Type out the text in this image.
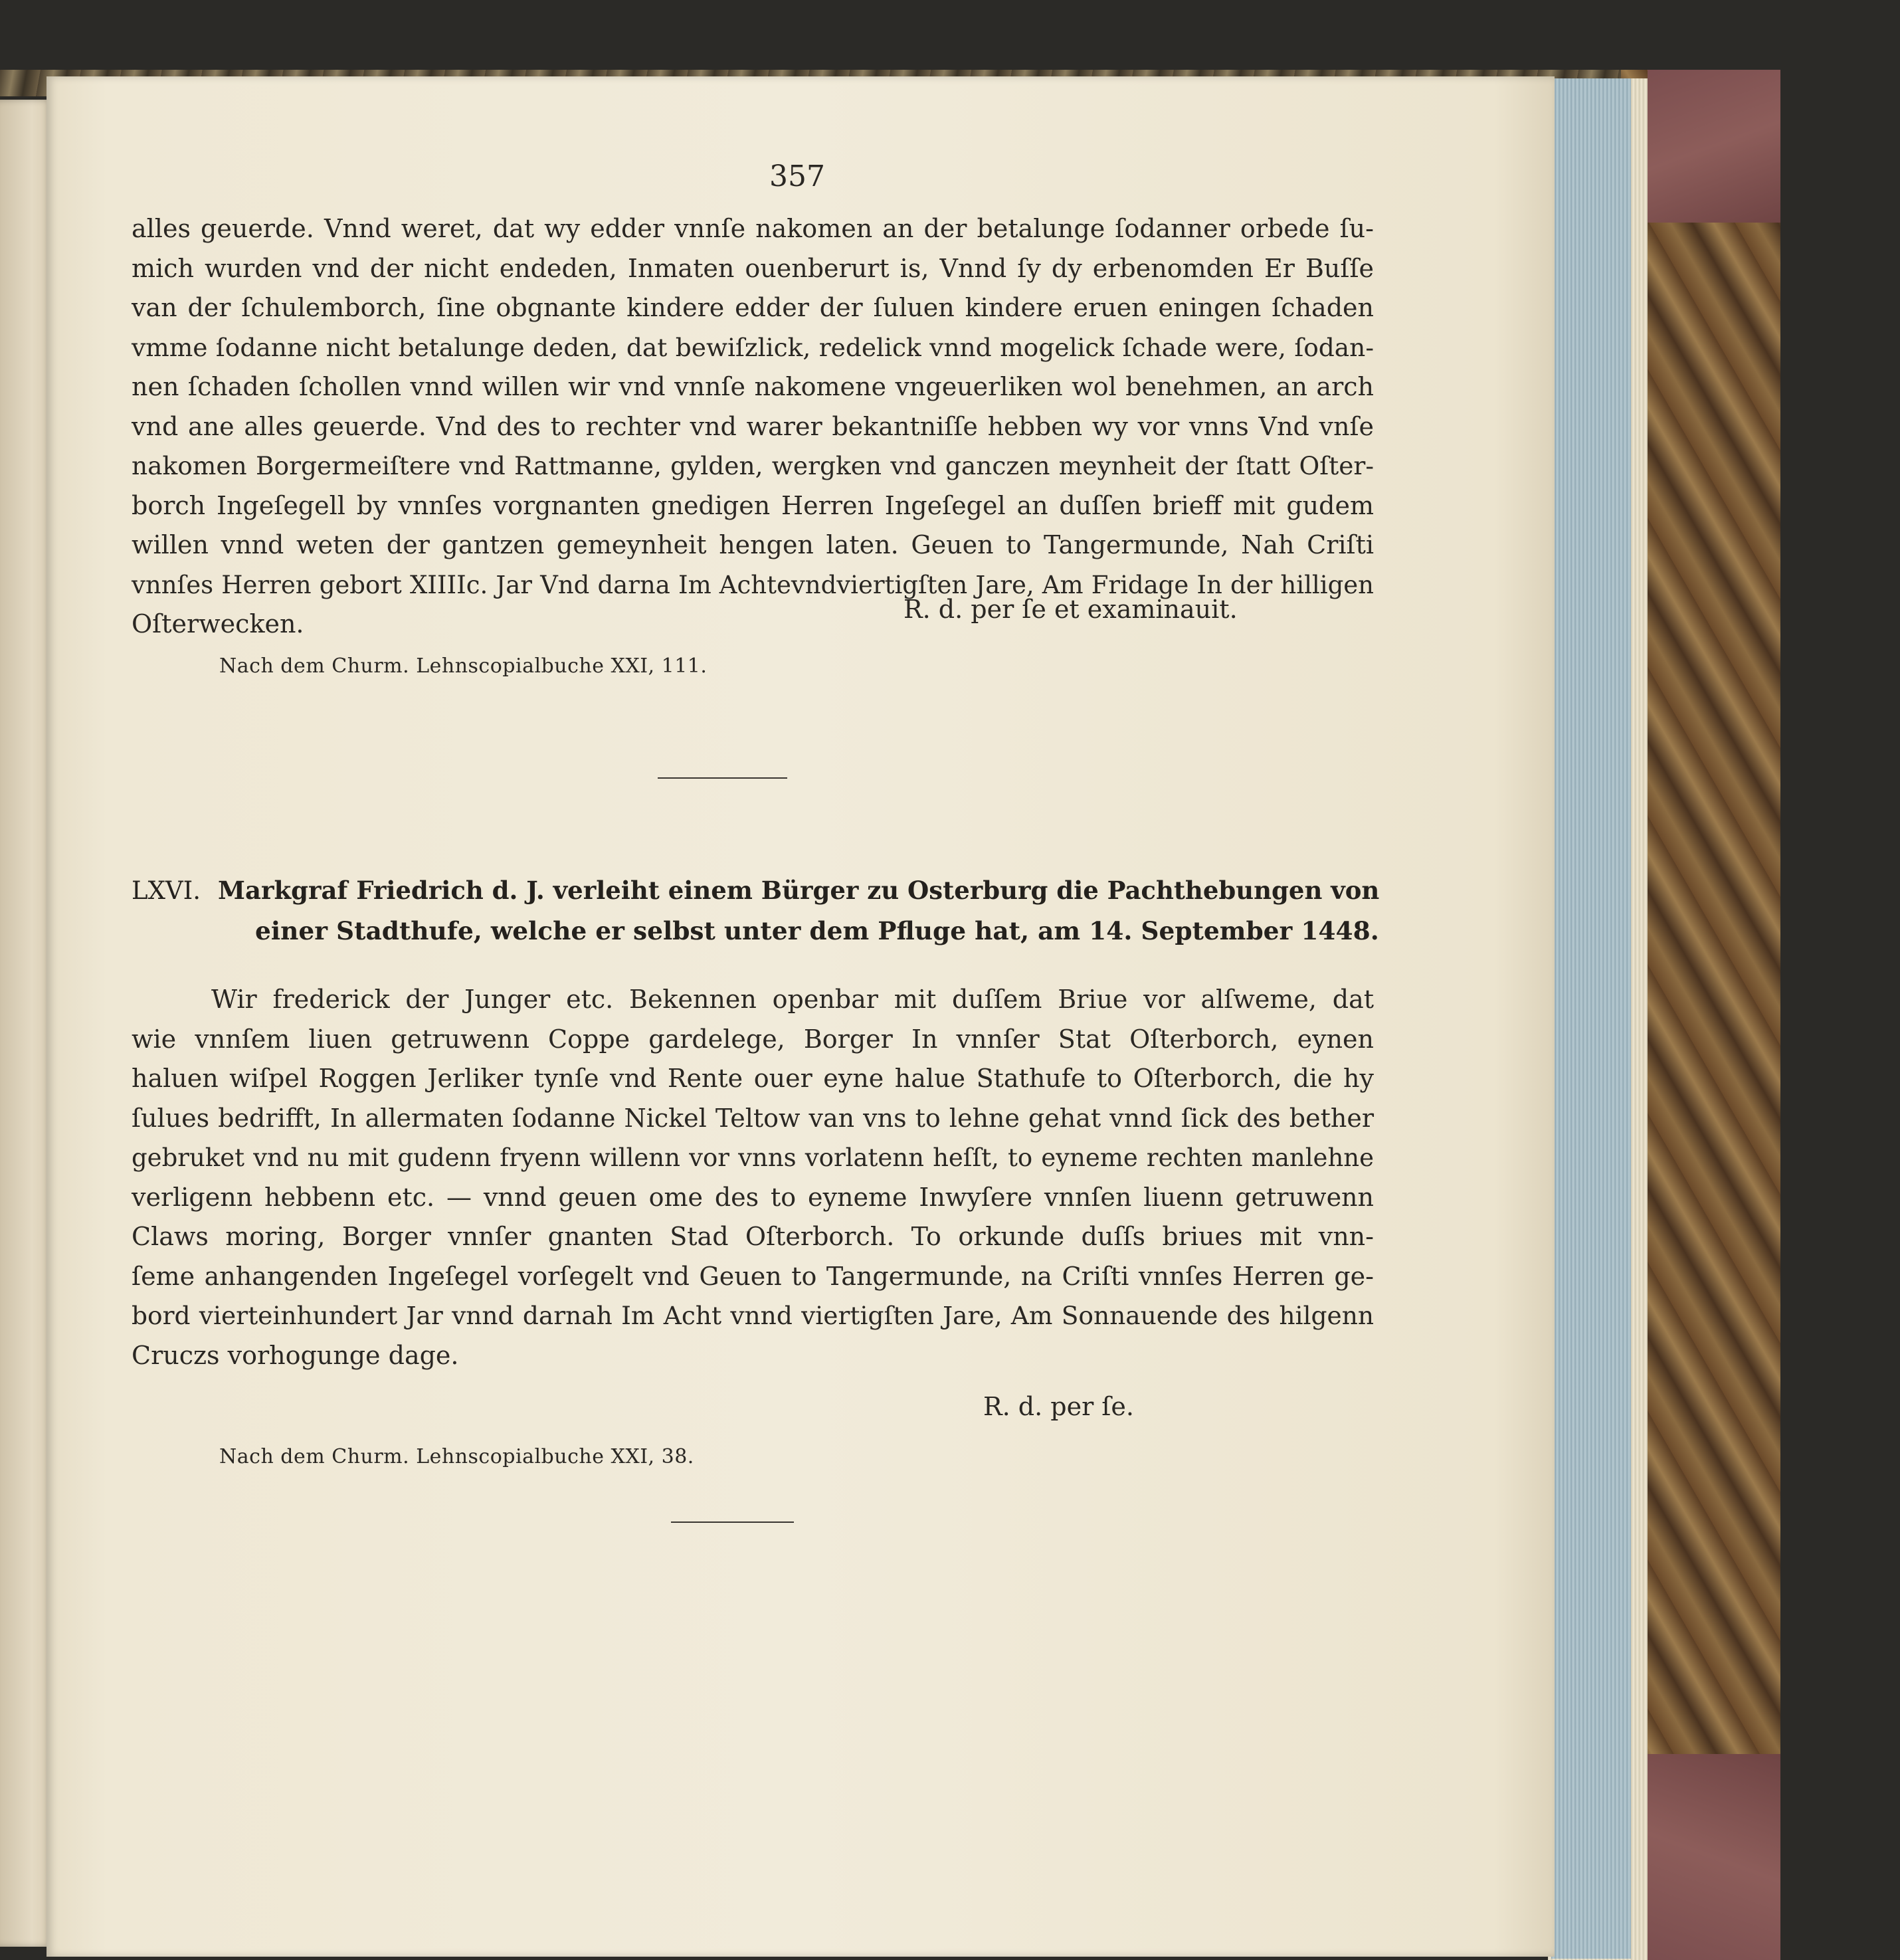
357
alles geuerde. Vnnd weret, dat wy edder vnnſe nakomen an der betalunge ſodanner orbede ſu-
mich wurden vnd der nicht endeden, Inmaten ouenberurt is, Vnnd ſy dy erbenomden Er Buſſe
van der ſchulemborch, ſine obgnante kindere edder der ſuluen kindere eruen eningen ſchaden
vmme ſodanne nicht betalunge deden, dat bewiſzlick, redelick vnnd mogelick ſchade were, ſodan-
nen ſchaden ſchollen vnnd willen wir vnd vnnſe nakomene vngeuerliken wol benehmen, an arch
vnd ane alles geuerde. Vnd des to rechter vnd warer bekantniſſe hebben wy vor vnns Vnd vnſe
nakomen Borgermeiſtere vnd Rattmanne, gylden, wergken vnd ganczen meynheit der ſtatt Oſter-
borch Ingeſegell by vnnſes vorgnanten gnedigen Herren Ingeſegel an duſſen brieff mit gudem
willen vnnd weten der gantzen gemeynheit hengen laten. Geuen to Tangermunde, Nah Criſti
vnnſes Herren gebort XIIIIc. Jar Vnd darna Im Achtevndviertigſten Jare, Am Fridage In der hilligen
Oſterwecken.	R. d. per ſe et examinauit.
Nach dem Churm. Lehnscopialbuche XXI, 111.
LXVI. Markgraf Friedrich d. J. verleiht einem Bürger zu Osterburg die Pachthebungen von
einer Stadthufe, welche er selbst unter dem Pfluge hat, am 14. September 1448.
Wir frederick der Junger etc. Bekennen openbar mit duſſem Briue vor alſweme, dat
wie vnnſem liuen getruwenn Coppe gardelege, Borger In vnnſer Stat Oſterborch, eynen
haluen wiſpel Roggen Jerliker tynſe vnd Rente ouer eyne halue Stathufe to Oſterborch, die hy
ſulues bedrifft, In allermaten ſodanne Nickel Teltow van vns to lehne gehat vnnd ſick des bether
gebruket vnd nu mit gudenn fryenn willenn vor vnns vorlatenn heſſt, to eyneme rechten manlehne
verligenn hebbenn etc. — vnnd geuen ome des to eyneme Inwyſere vnnſen liuenn getruwenn
Claws moring, Borger vnnſer gnanten Stad Oſterborch. To orkunde duſſs briues mit vnn-
ſeme anhangenden Ingeſegel vorſegelt vnd Geuen to Tangermunde, na Criſti vnnſes Herren ge-
bord vierteinhundert Jar vnnd darnah Im Acht vnnd viertigſten Jare, Am Sonnauende des hilgenn
Cruczs vorhogunge dage.
R. d. per ſe.
Nach dem Churm. Lehnscopialbuche XXI, 38.
